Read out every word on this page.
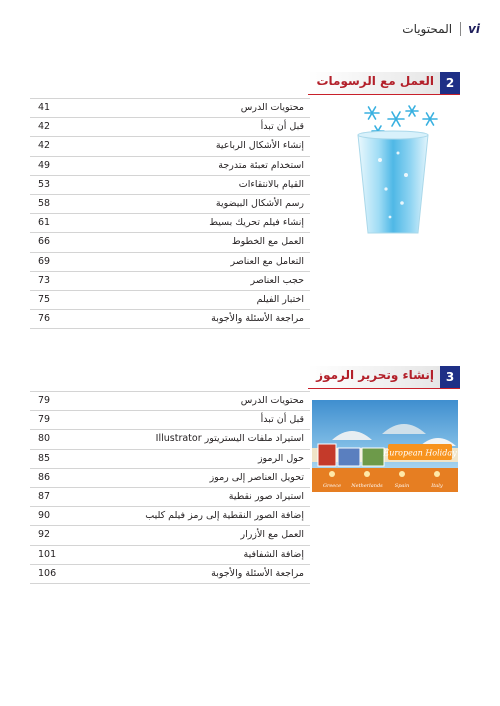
المحتويات vi
العمل مع الرسومات 2
41	محتويات الدرس
42	قبل أن تبدأ
42	إنشاء الأشكال الرباعية
49	استخدام تعبئة متدرجة
53	القيام بالانتقاءات
58	رسم الأشكال البيضوية
61	إنشاء فيلم تحريك بسيط
66	العمل مع الخطوط
69	التعامل مع العناصر
73	حجب العناصر
75	اختبار الفيلم
76	مراجعة الأسئلة والأجوبة
إنشاء وتحرير الرموز 3
79	محتويات الدرس
79	قبل أن تبدأ
80	استيراد ملفات اليستريتور Illustrator
85	حول الرموز
86	تحويل العناصر إلى رموز
87	استيراد صور نقطية
90	إضافة الصور النقطية إلى رمز فيلم كليب
92	العمل مع الأزرار
101	إضافة الشفافية
106	مراجعة الأسئلة والأجوبة
European Holiday
Greece Netherlands Spain	Italy
